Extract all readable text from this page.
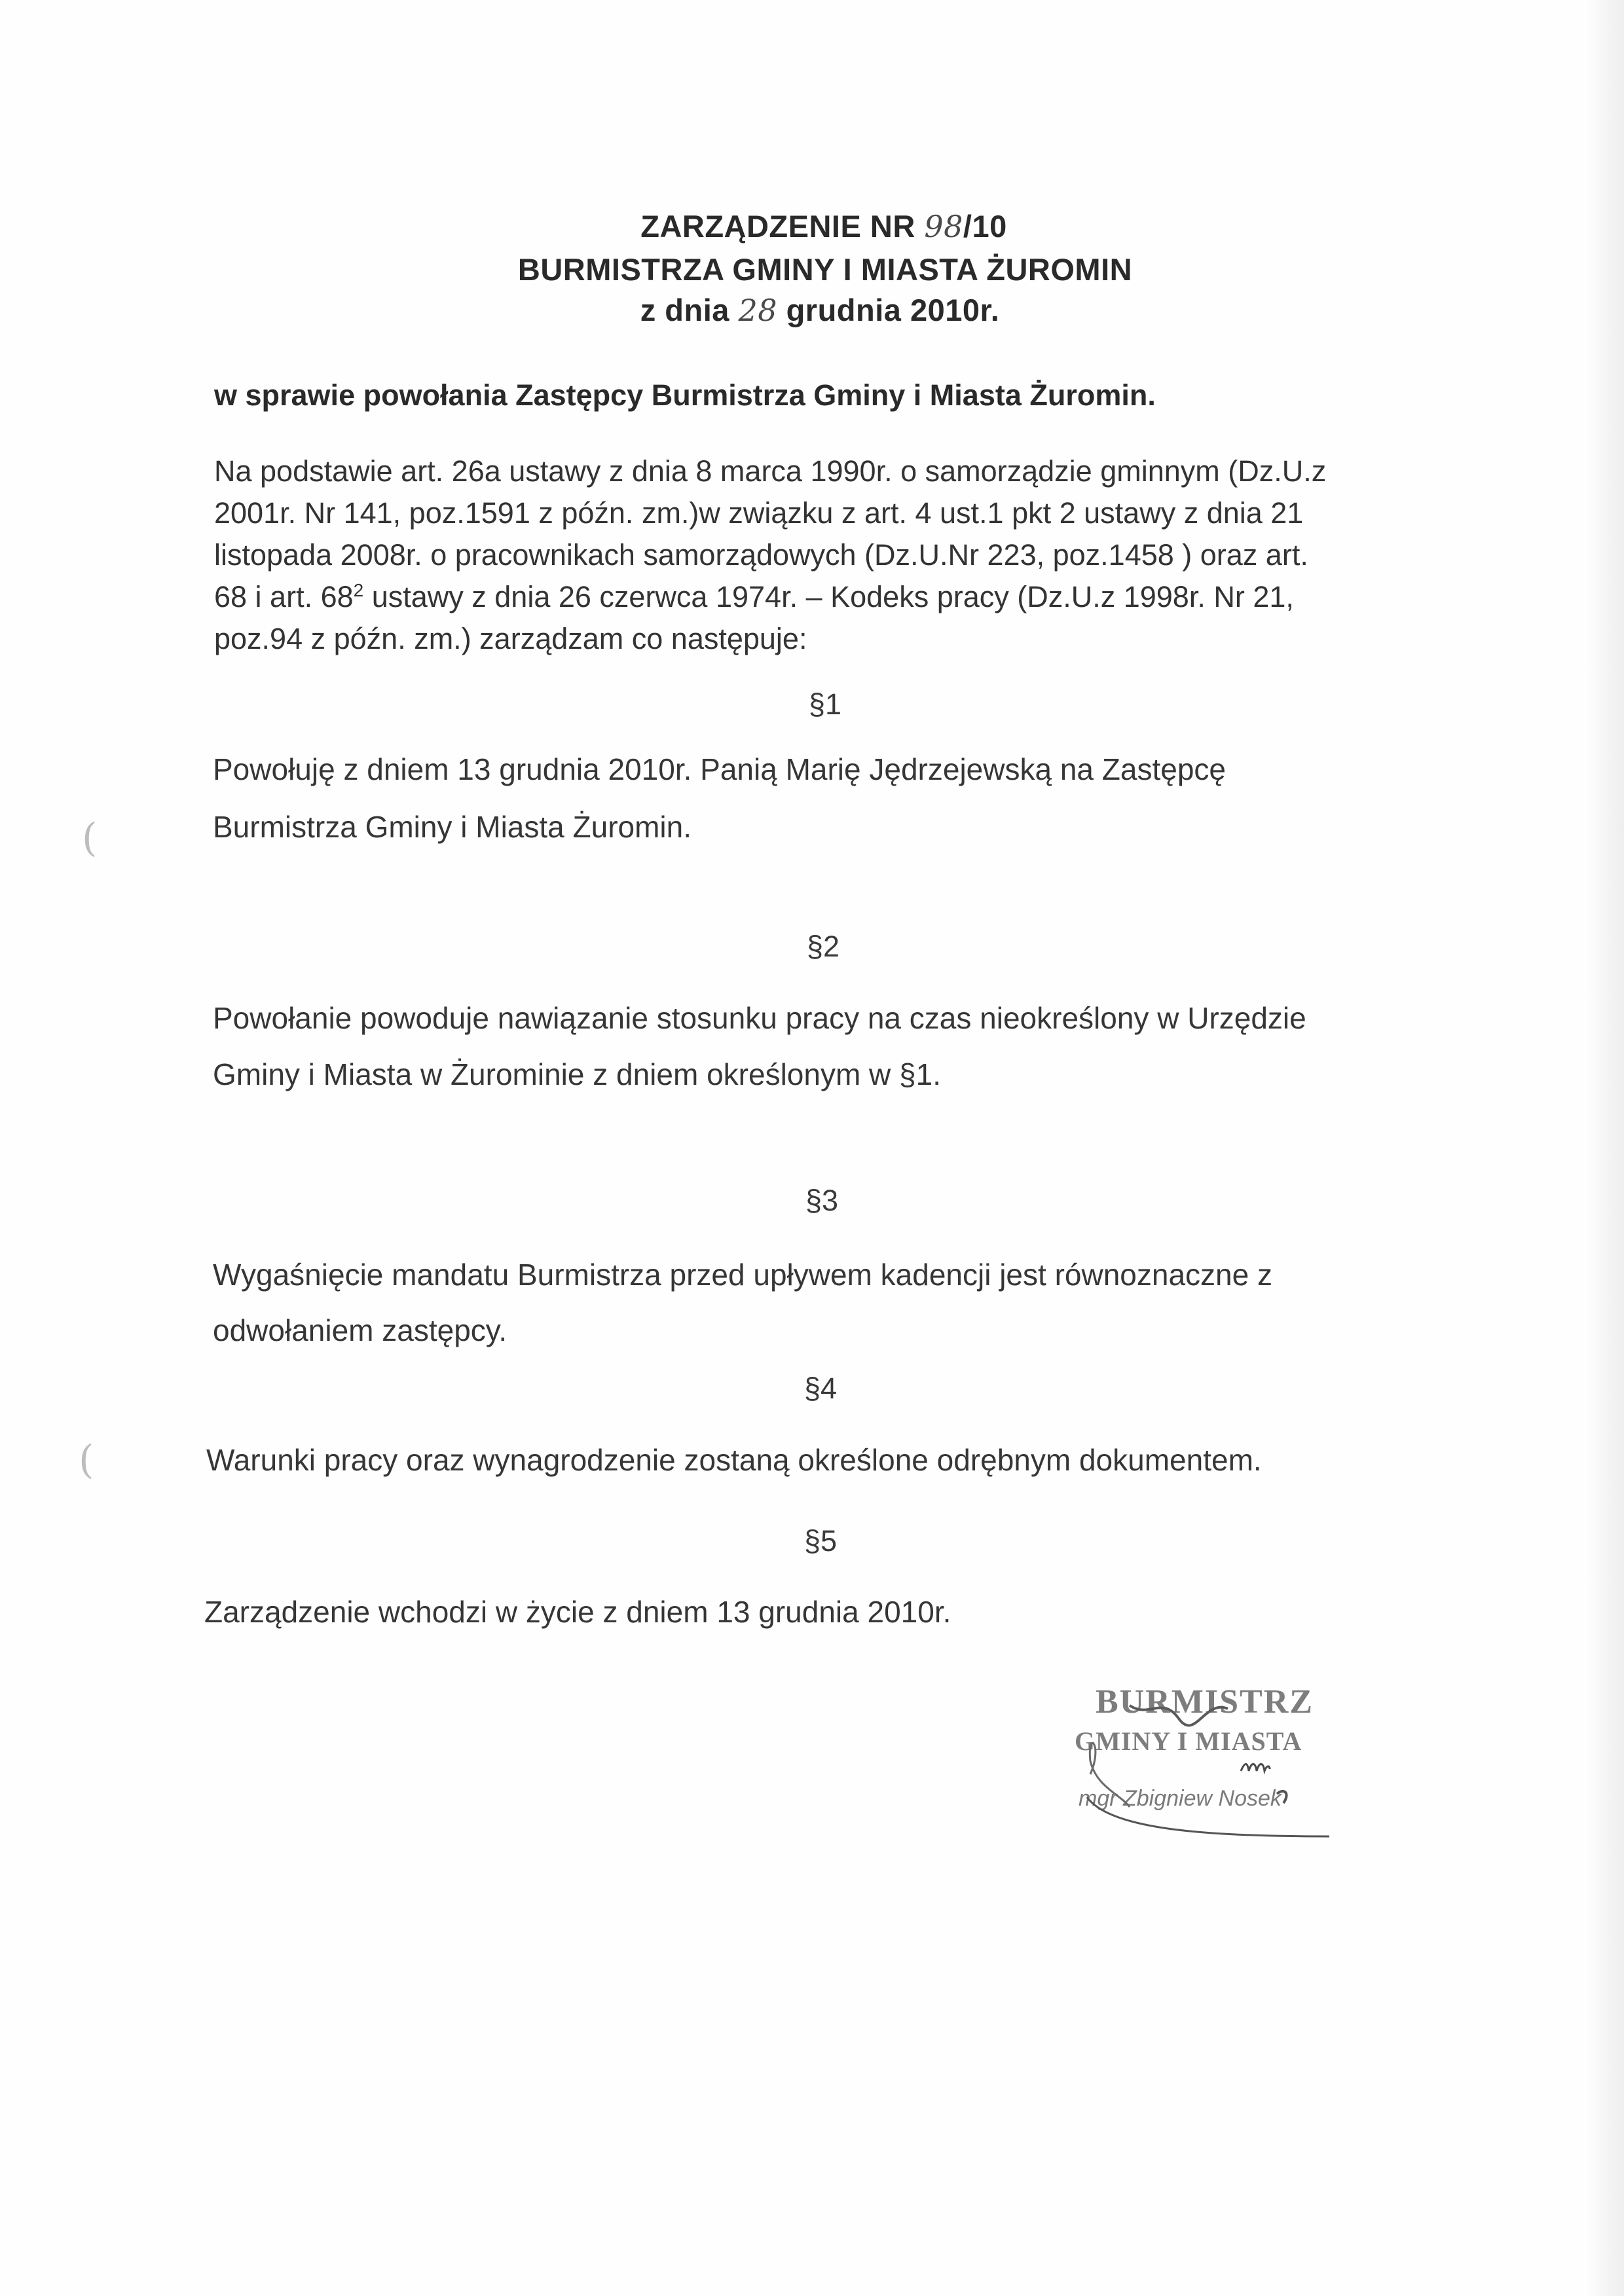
ZARZĄDZENIE NR 98/10
BURMISTRZA GMINY I MIASTA ŻUROMIN
z dnia 28 grudnia 2010r.
w sprawie powołania Zastępcy Burmistrza Gminy i Miasta Żuromin.
Na podstawie art. 26a ustawy z dnia 8 marca 1990r. o samorządzie gminnym (Dz.U.z
2001r. Nr 141, poz.1591 z późn. zm.)w związku z art. 4 ust.1 pkt 2 ustawy z dnia 21
listopada 2008r. o pracownikach samorządowych (Dz.U.Nr 223, poz.1458 ) oraz art.
68 i art. $68^2$ ustawy z dnia 26 czerwca 1974r. – Kodeks pracy (Dz.U.z 1998r. Nr 21,
poz.94 z późn. zm.) zarządzam co następuje:
§1
Powołuję z dniem 13 grudnia 2010r. Panią Marię Jędrzejewską na Zastępcę
Burmistrza Gminy i Miasta Żuromin.
§2
Powołanie powoduje nawiązanie stosunku pracy na czas nieokreślony w Urzędzie
Gminy i Miasta w Żurominie z dniem określonym w §1.
§3
Wygaśnięcie mandatu Burmistrza przed upływem kadencji jest równoznaczne z
odwołaniem zastępcy.
§4
Warunki pracy oraz wynagrodzenie zostaną określone odrębnym dokumentem.
§5
Zarządzenie wchodzi w życie z dniem 13 grudnia 2010r.
BURMISTRZ
GMINY I MIASTA
mgr Zbigniew Nosek
(
(
